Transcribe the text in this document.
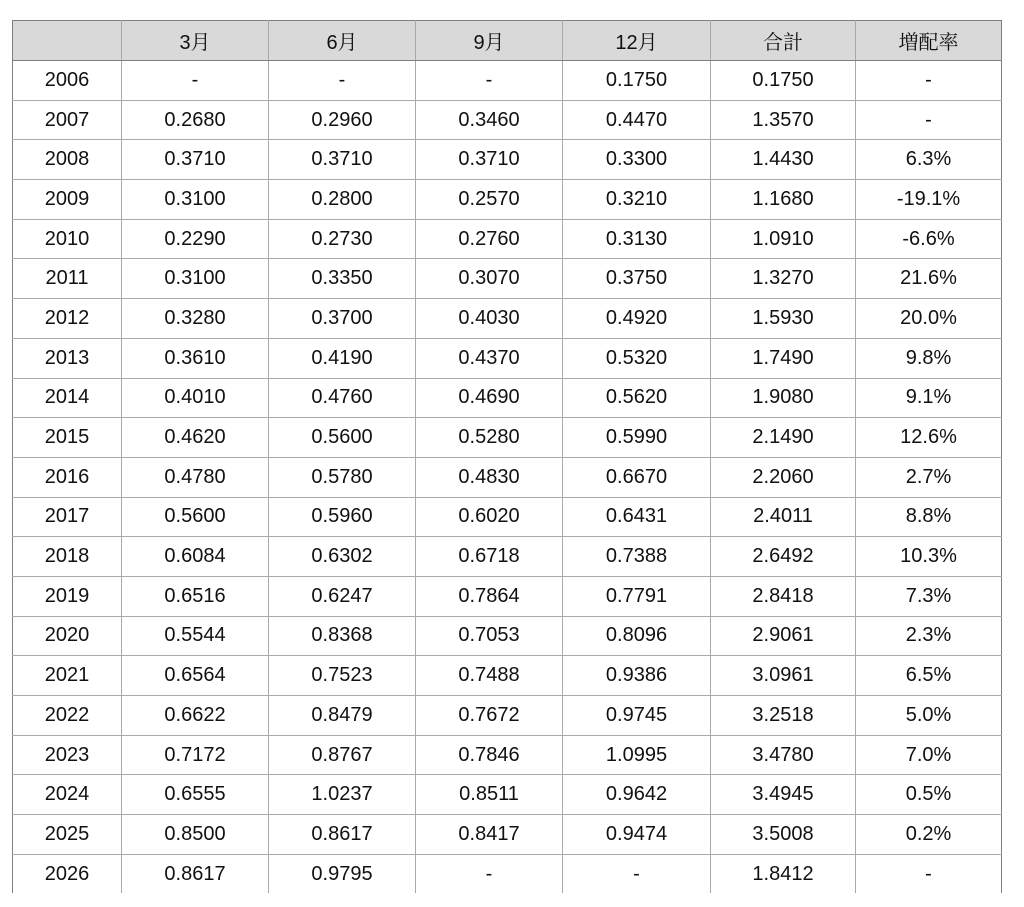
	3月	6月	9月	12月	合計	増配率
2006	-	-	-	0.1750	0.1750	-
2007	0.2680	0.2960	0.3460	0.4470	1.3570	-
2008	0.3710	0.3710	0.3710	0.3300	1.4430	6.3%
2009	0.3100	0.2800	0.2570	0.3210	1.1680	-19.1%
2010	0.2290	0.2730	0.2760	0.3130	1.0910	-6.6%
2011	0.3100	0.3350	0.3070	0.3750	1.3270	21.6%
2012	0.3280	0.3700	0.4030	0.4920	1.5930	20.0%
2013	0.3610	0.4190	0.4370	0.5320	1.7490	9.8%
2014	0.4010	0.4760	0.4690	0.5620	1.9080	9.1%
2015	0.4620	0.5600	0.5280	0.5990	2.1490	12.6%
2016	0.4780	0.5780	0.4830	0.6670	2.2060	2.7%
2017	0.5600	0.5960	0.6020	0.6431	2.4011	8.8%
2018	0.6084	0.6302	0.6718	0.7388	2.6492	10.3%
2019	0.6516	0.6247	0.7864	0.7791	2.8418	7.3%
2020	0.5544	0.8368	0.7053	0.8096	2.9061	2.3%
2021	0.6564	0.7523	0.7488	0.9386	3.0961	6.5%
2022	0.6622	0.8479	0.7672	0.9745	3.2518	5.0%
2023	0.7172	0.8767	0.7846	1.0995	3.4780	7.0%
2024	0.6555	1.0237	0.8511	0.9642	3.4945	0.5%
2025	0.8500	0.8617	0.8417	0.9474	3.5008	0.2%
2026	0.8617	0.9795	-	-	1.8412	-
